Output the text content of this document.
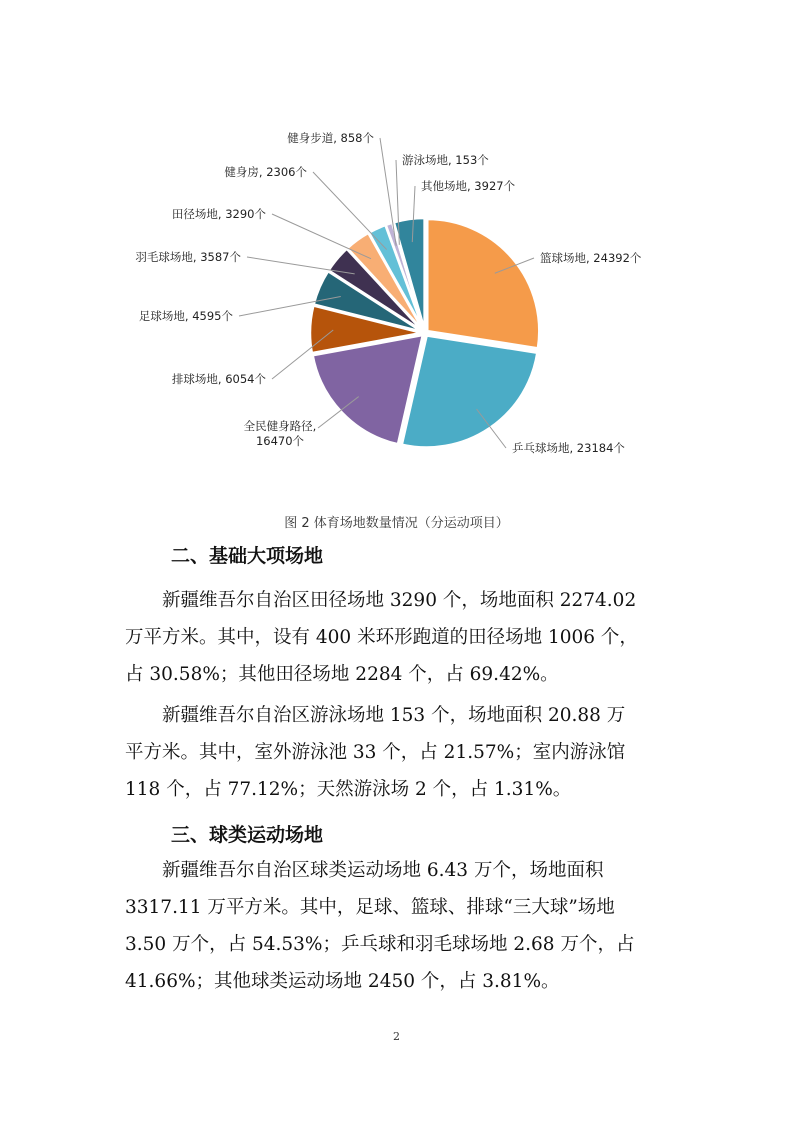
篮球场地, 24392个
乒乓球场地, 23184个
全民健身路径, 16470个
排球场地, 6054个
足球场地, 4595个
羽毛球场地, 3587个
田径场地, 3290个
健身房, 2306个
健身步道, 858个
游泳场地, 153个
其他场地, 3927个
图 2 体育场地数量情况（分运动项目）
二、基础大项场地

新疆维吾尔自治区田径场地 3290 个，场地面积 2274.02
万平方米。其中，设有 400 米环形跑道的田径场地 1006 个，
占 30.58%；其他田径场地 2284 个，占 69.42%。

新疆维吾尔自治区游泳场地 153 个，场地面积 20.88 万
平方米。其中，室外游泳池 33 个，占 21.57%；室内游泳馆
118 个，占 77.12%；天然游泳场 2 个，占 1.31%。

三、球类运动场地

新疆维吾尔自治区球类运动场地 6.43 万个，场地面积
3317.11 万平方米。其中，足球、篮球、排球“三大球”场地
3.50 万个，占 54.53%；乒乓球和羽毛球场地 2.68 万个，占
41.66%；其他球类运动场地 2450 个，占 3.81%。

2
